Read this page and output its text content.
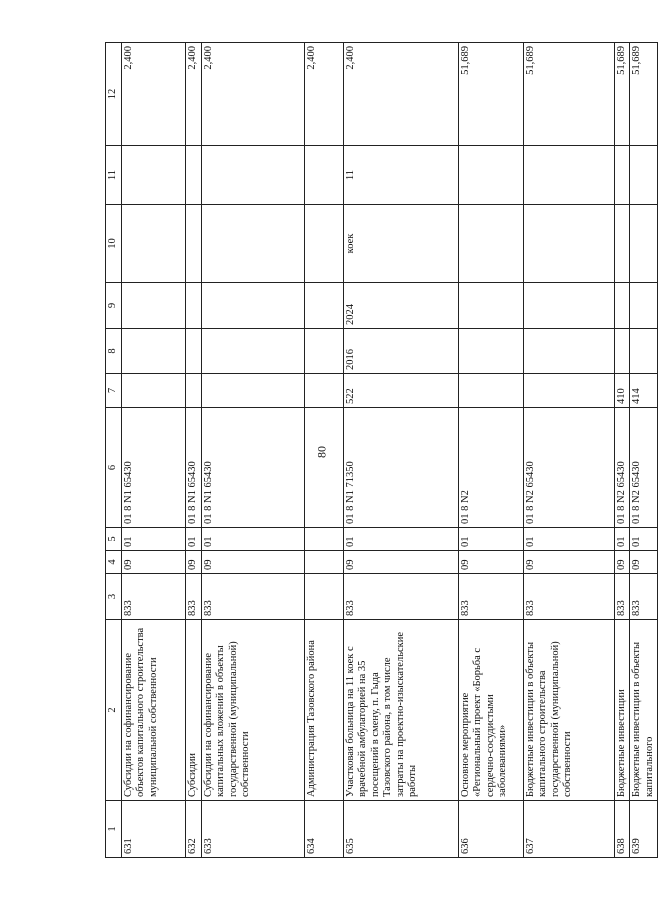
80
1	2	3	4	5	6	7	8	9	10	11	12
631	Субсидии на софинансирование объектов капитального строительства муниципальной собственности	833	09	01	01 8 N1 65430						2,400
632	Субсидии	833	09	01	01 8 N1 65430						2,400
633	Субсидии на софинансирование капитальных вложений в объекты государственной (муниципальной) собственности	833	09	01	01 8 N1 65430						2,400
634	Администрация Тазовского района										2,400
635	Участковая больница на 11 коек с врачебной амбулаторией на 35 посещений в смену, п. Гыда Тазовского района, в том числе затраты на проектно-изыскательские работы	833	09	01	01 8 N1 71350	522	2016	2024	коек	11	2,400
636	Основное мероприятие «Региональный проект «Борьба с сердечно-сосудистыми заболеваниями»	833	09	01	01 8 N2						51,689
637	Бюджетные инвестиции в объекты капитального строительства государственной (муниципальной) собственности	833	09	01	01 8 N2 65430						51,689
638	Бюджетные инвестиции	833	09	01	01 8 N2 65430	410					51,689
639	Бюджетные инвестиции в объекты капитального	833	09	01	01 8 N2 65430	414					51,689
